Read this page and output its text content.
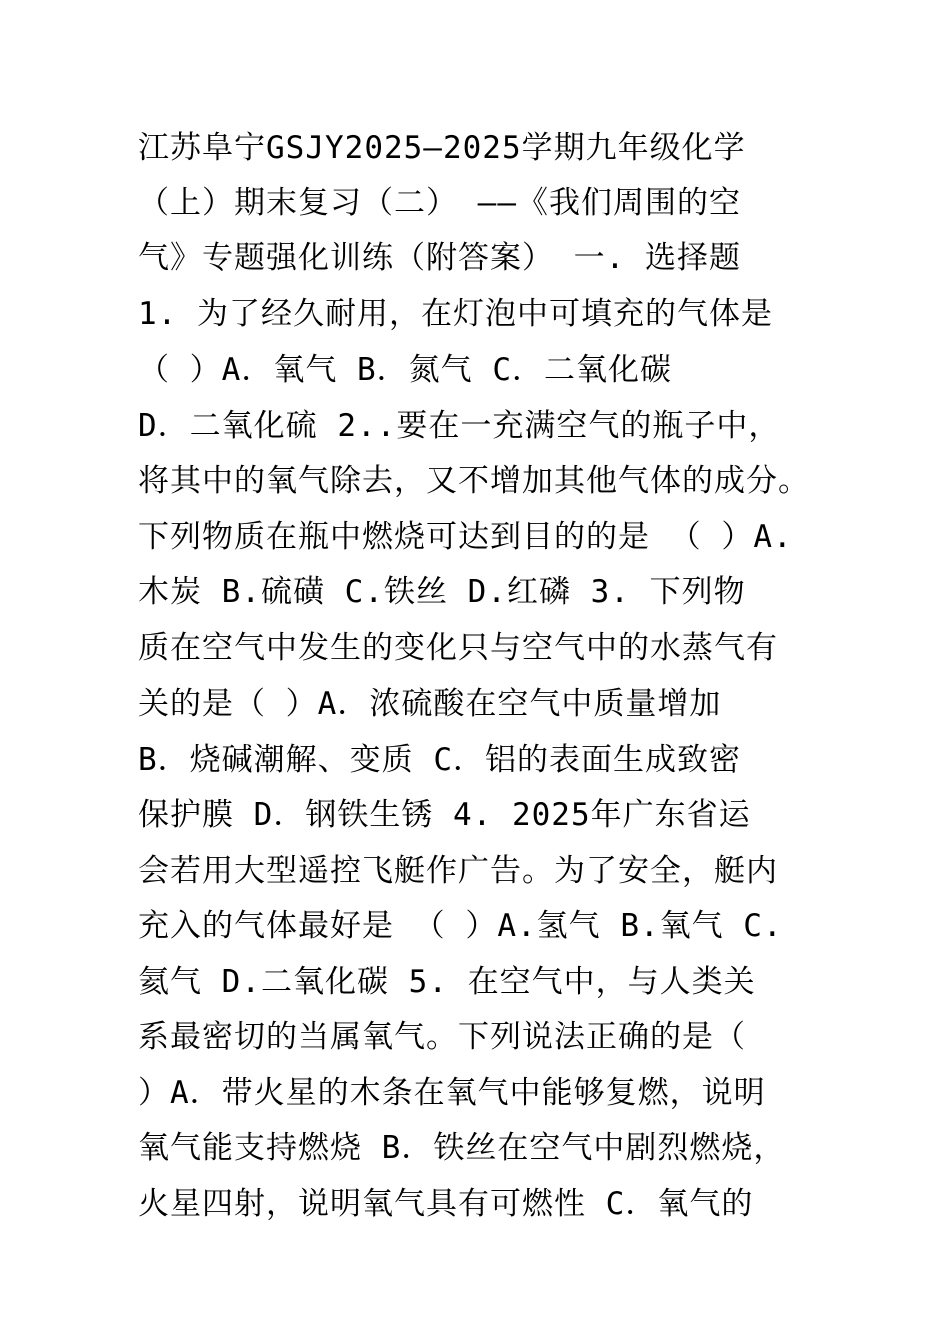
江苏阜宁GSJY2025—2025学期九年级化学
（上）期末复习（二） ——《我们周围的空
气》专题强化训练（附答案） 一. 选择题
1. 为了经久耐用，在灯泡中可填充的气体是
（ ）A．氧气 B．氮气 C．二氧化碳
D．二氧化硫 2..要在一充满空气的瓶子中，
将其中的氧气除去，又不增加其他气体的成分。
下列物质在瓶中燃烧可达到目的的是 （ ）A.
木炭 B.硫磺 C.铁丝 D.红磷 3. 下列物
质在空气中发生的变化只与空气中的水蒸气有
关的是（ ）A．浓硫酸在空气中质量增加
B．烧碱潮解、变质 C．铝的表面生成致密
保护膜 D．钢铁生锈 4. 2025年广东省运
会若用大型遥控飞艇作广告。为了安全，艇内
充入的气体最好是 （ ）A.氢气 B.氧气 C.
氦气 D.二氧化碳 5. 在空气中，与人类关
系最密切的当属氧气。下列说法正确的是（
）A．带火星的木条在氧气中能够复燃，说明
氧气能支持燃烧 B．铁丝在空气中剧烈燃烧，
火星四射，说明氧气具有可燃性 C．氧气的
